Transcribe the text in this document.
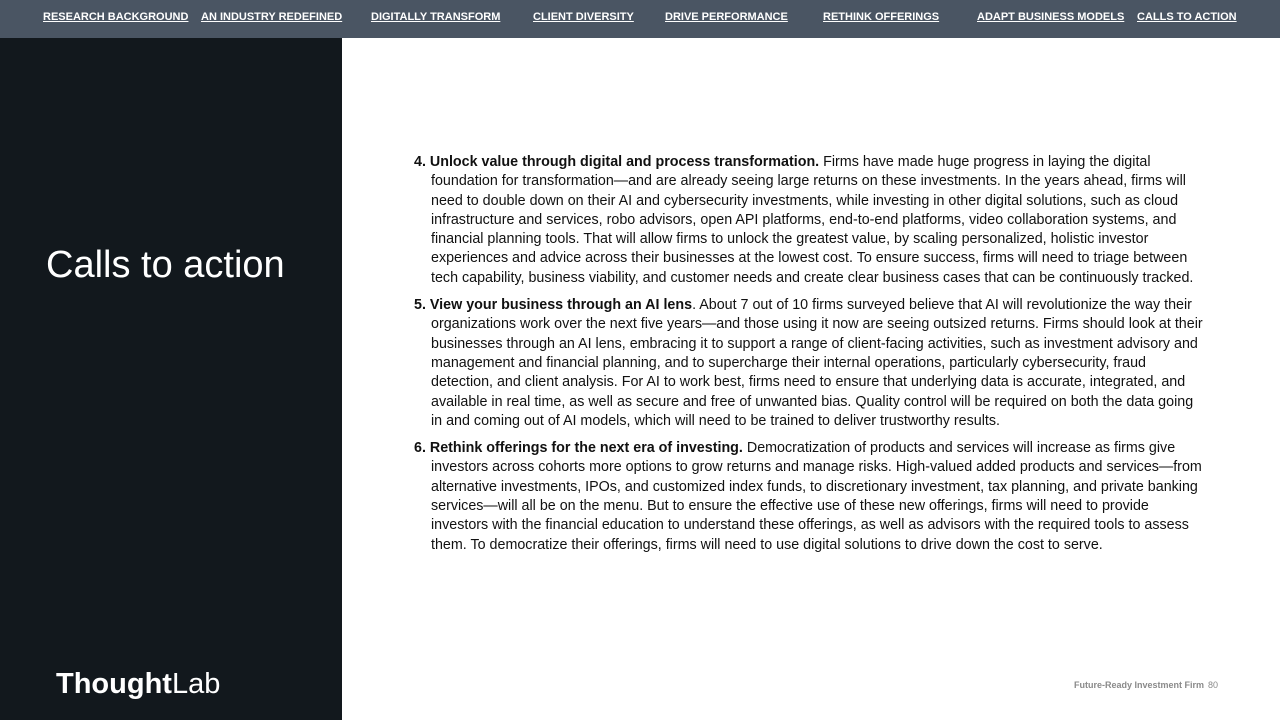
RESEARCH BACKGROUND AN INDUSTRY REDEFINED	DIGITALLY TRANSFORM	CLIENT DIVERSITY	DRIVE PERFORMANCE	RETHINK OFFERINGS	ADAPT BUSINESS MODELS CALLS TO ACTION
Calls to action
ThoughtLab

4. Unlock value through digital and process transformation. Firms have made huge progress in laying the digital foundation for transformation—and are already seeing large returns on these investments. In the years ahead, firms will need to double down on their AI and cybersecurity investments, while investing in other digital solutions, such as cloud infrastructure and services, robo advisors, open API platforms, end-to-end platforms, video collaboration systems, and financial planning tools. That will allow firms to unlock the greatest value, by scaling personalized, holistic investor experiences and advice across their businesses at the lowest cost. To ensure success, firms will need to triage between tech capability, business viability, and customer needs and create clear business cases that can be continuously tracked.

5. View your business through an AI lens. About 7 out of 10 firms surveyed believe that AI will revolutionize the way their organizations work over the next five years—and those using it now are seeing outsized returns. Firms should look at their businesses through an AI lens, embracing it to support a range of client-facing activities, such as investment advisory and management and financial planning, and to supercharge their internal operations, particularly cybersecurity, fraud detection, and client analysis. For AI to work best, firms need to ensure that underlying data is accurate, integrated, and available in real time, as well as secure and free of unwanted bias. Quality control will be required on both the data going in and coming out of AI models, which will need to be trained to deliver trustworthy results.

6. Rethink offerings for the next era of investing. Democratization of products and services will increase as firms give investors across cohorts more options to grow returns and manage risks. High-valued added products and services—from alternative investments, IPOs, and customized index funds, to discretionary investment, tax planning, and private banking services—will all be on the menu. But to ensure the effective use of these new offerings, firms will need to provide investors with the financial education to understand these offerings, as well as advisors with the required tools to assess them. To democratize their offerings, firms will need to use digital solutions to drive down the cost to serve.

Future-Ready Investment Firm 80
